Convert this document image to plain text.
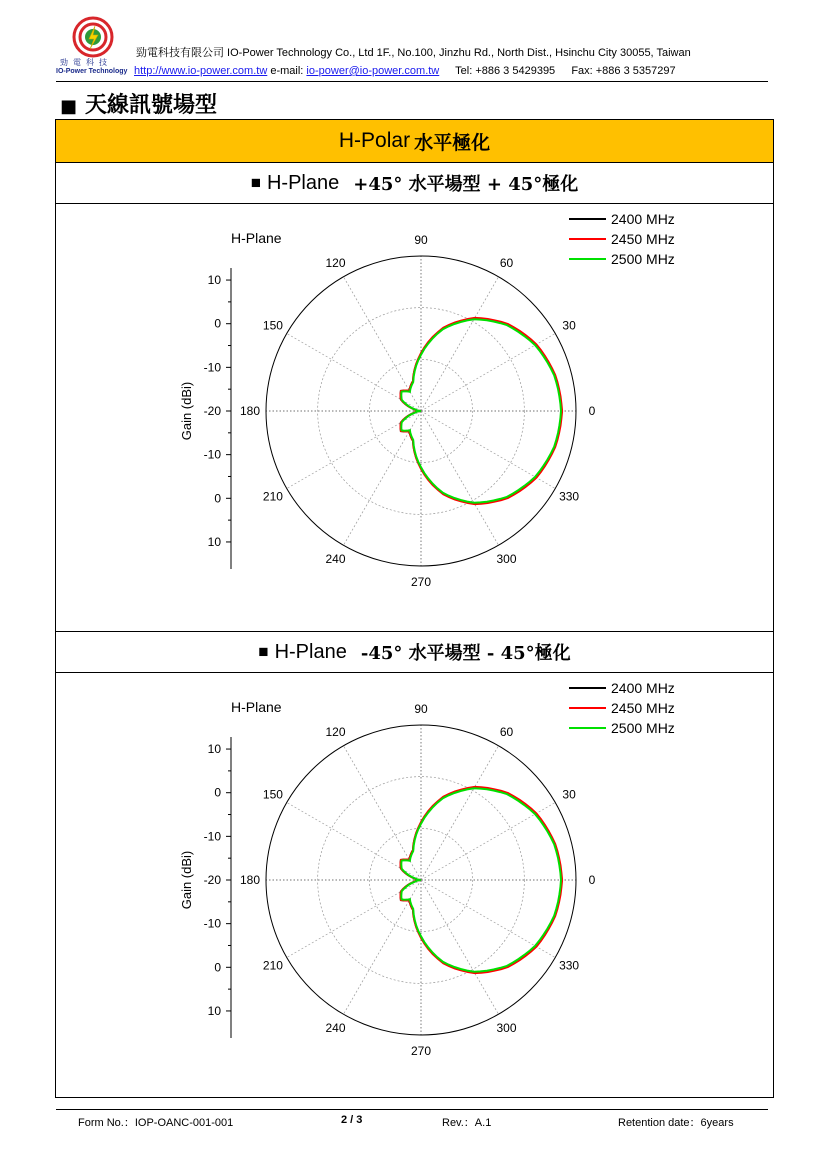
勁電科技
IO-Power Technology
勁電科技有限公司 IO-Power Technology Co., Ltd 1F., No.100, Jinzhu Rd., North Dist., Hsinchu City 30055, Taiwan
http://www.io-power.com.tw e-mail: io-power@io-power.com.tw Tel: +886 3 5429395 Fax: +886 3 5357297
■ 天線訊號場型
H-Polar 水平極化
■ H-Plane +45° 水平場型 + 45°極化
0
30
60
90
120
150
180
210
240
270
300
330
10
0
-10
-20
-10
0
10
Gain (dBi)
H-Plane
2400 MHz
2450 MHz
2500 MHz
■ H-Plane -45° 水平場型 - 45°極化
0
30
60
90
120
150
180
210
240
270
300
330
10
0
-10
-20
-10
0
10
Gain (dBi)
H-Plane
2400 MHz
2450 MHz
2500 MHz
Form No.：IOP-OANC-001-001	2 / 3	Rev.：A.1	Retention date：6years
